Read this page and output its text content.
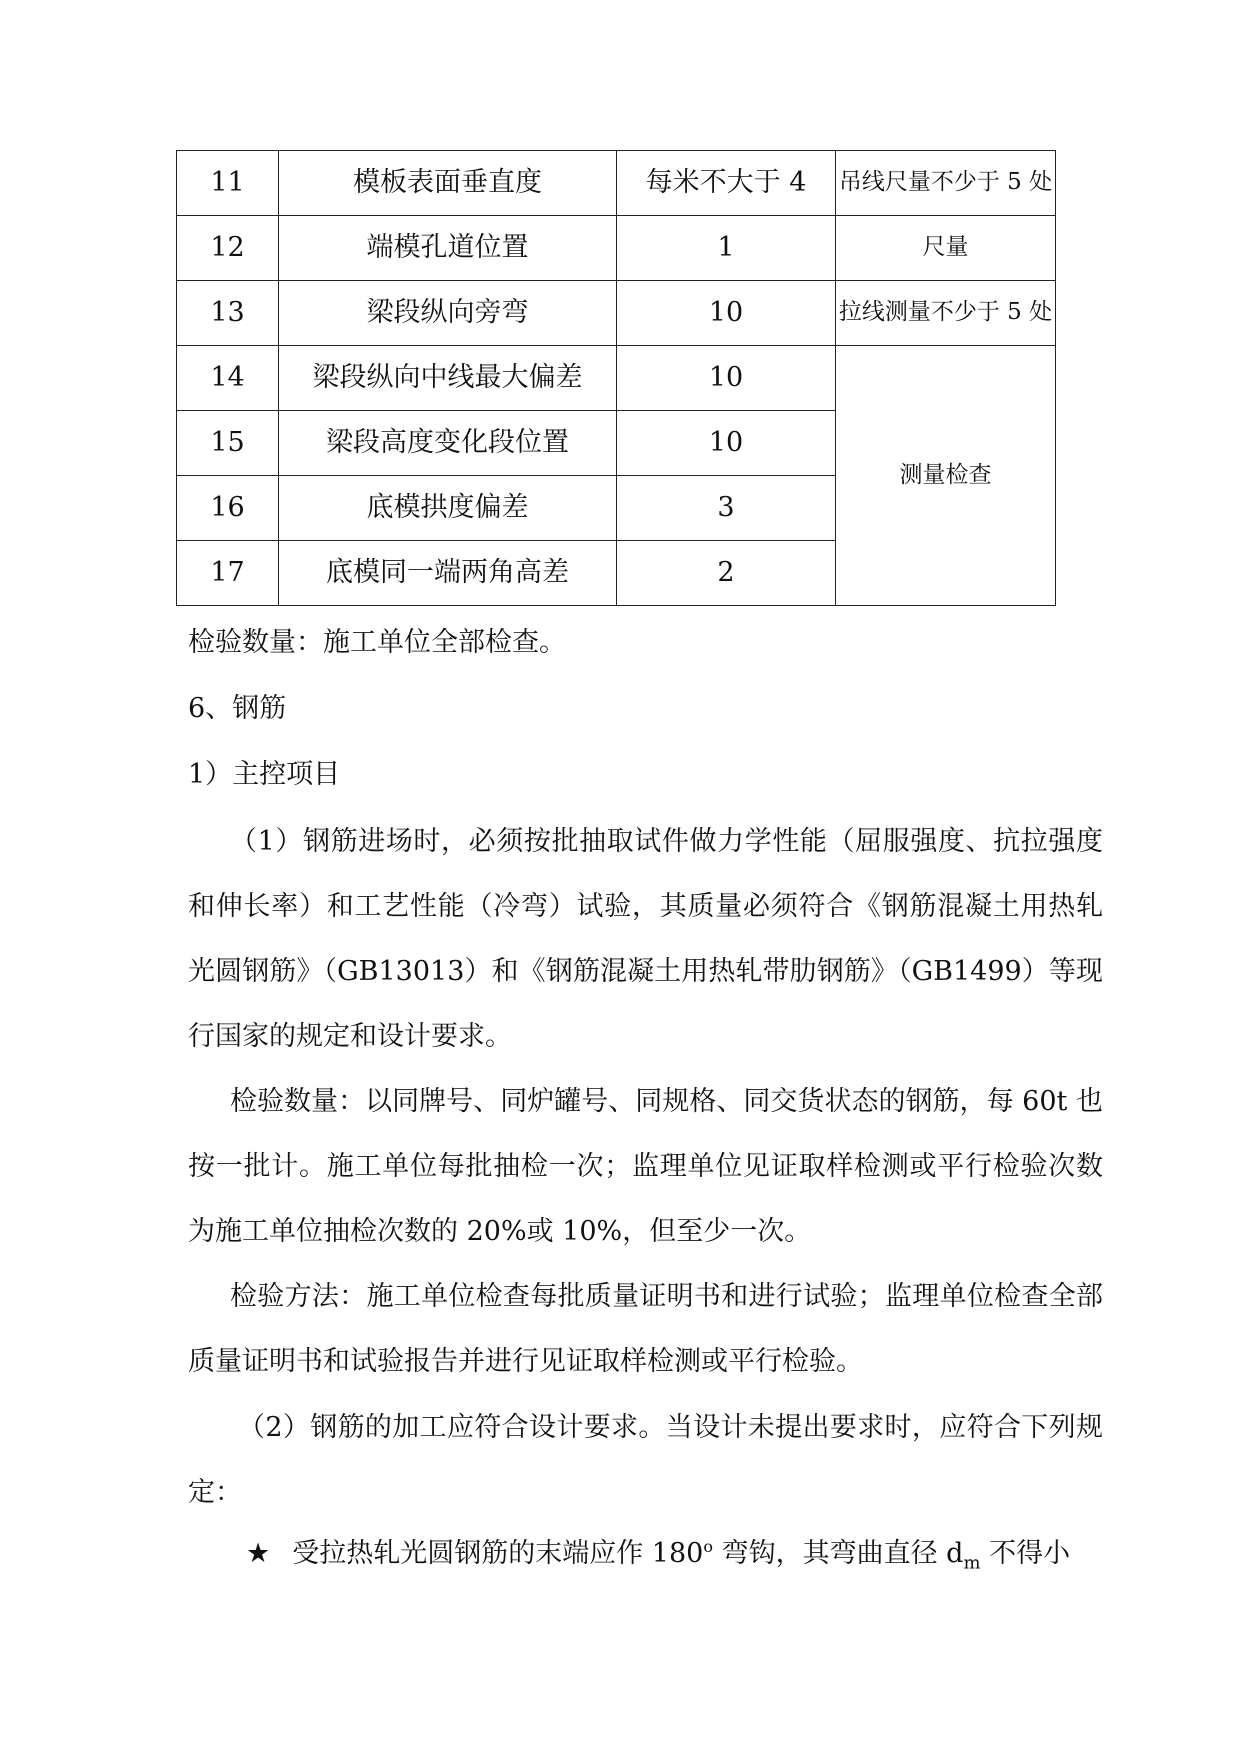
11	模板表面垂直度	每米不大于 4	吊线尺量不少于 5 处
12	端模孔道位置	1	尺量
13	梁段纵向旁弯	10	拉线测量不少于 5 处
14	梁段纵向中线最大偏差	10	测量检查
15	梁段高度变化段位置	10	
16	底模拱度偏差	3	
17	底模同一端两角高差	2	
检验数量：施工单位全部检查。
6、钢筋
1）主控项目
（1）钢筋进场时，必须按批抽取试件做力学性能（屈服强度、抗拉强度和伸长率）和工艺性能（冷弯）试验，其质量必须符合《钢筋混凝土用热轧光圆钢筋》（GB13013）和《钢筋混凝土用热轧带肋钢筋》（GB1499）等现行国家的规定和设计要求。
检验数量：以同牌号、同炉罐号、同规格、同交货状态的钢筋，每 60t 也按一批计。施工单位每批抽检一次；监理单位见证取样检测或平行检验次数为施工单位抽检次数的 20%或 10%，但至少一次。
检验方法：施工单位检查每批质量证明书和进行试验；监理单位检查全部质量证明书和试验报告并进行见证取样检测或平行检验。
（2）钢筋的加工应符合设计要求。当设计未提出要求时，应符合下列规定：
★ 受拉热轧光圆钢筋的末端应作 180$^o$ 弯钩，其弯曲直径 $d_m$ 不得小
